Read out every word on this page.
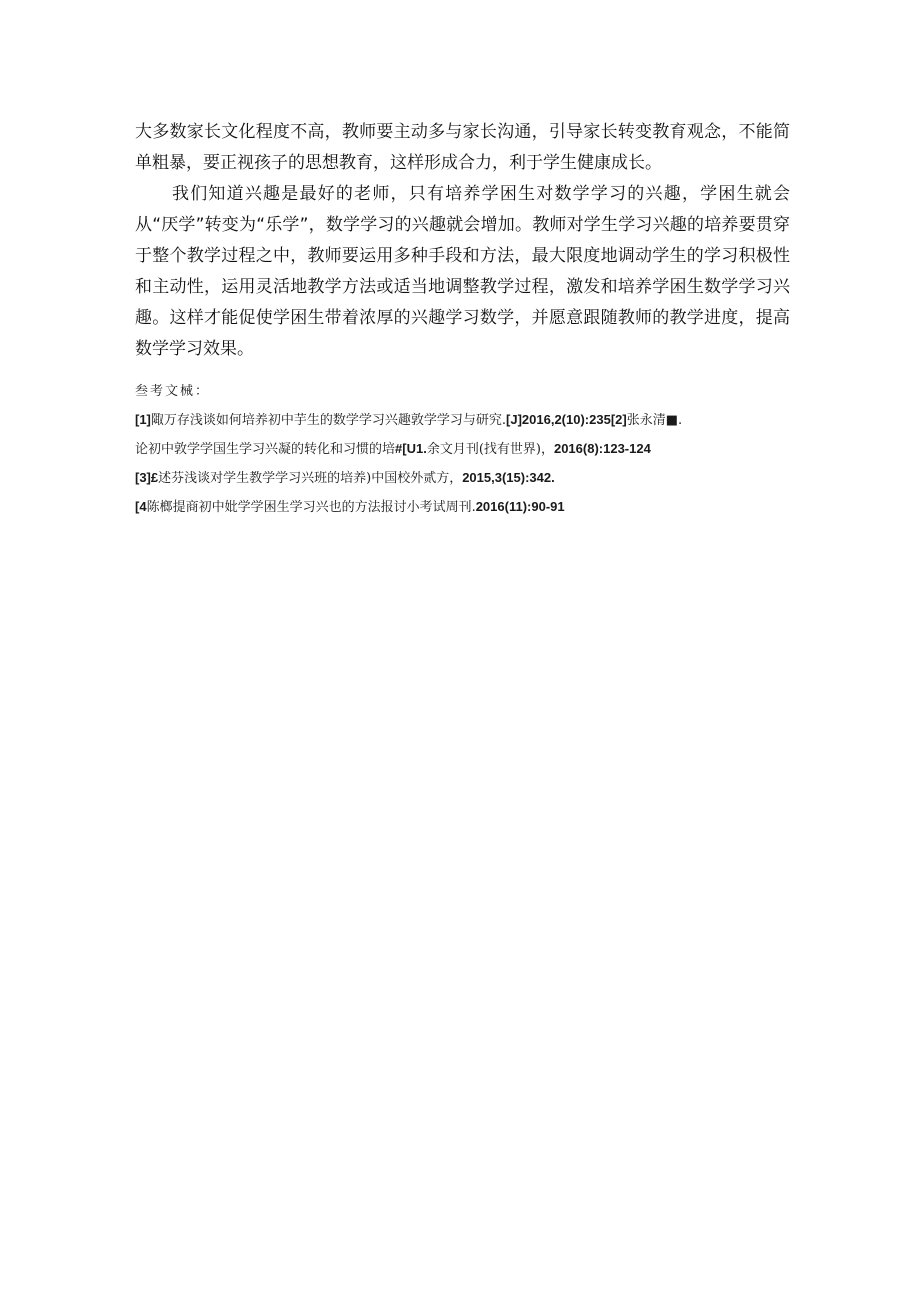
大多数家长文化程度不高，教师要主动多与家长沟通，引导家长转变教育观念，不能简单粗暴，要正视孩子的思想教育，这样形成合力，利于学生健康成长。
我们知道兴趣是最好的老师，只有培养学困生对数学学习的兴趣，学困生就会从“厌学”转变为“乐学”，数学学习的兴趣就会增加。教师对学生学习兴趣的培养要贯穿于整个教学过程之中，教师要运用多种手段和方法，最大限度地调动学生的学习积极性和主动性，运用灵活地教学方法或适当地调整教学过程，激发和培养学困生数学学习兴趣。这样才能促使学困生带着浓厚的兴趣学习数学，并愿意跟随教师的教学进度，提高数学学习效果。
叁考文械：
[1]陬万存浅谈如何培养初中芋生的数学学习兴趣敦学学习与研究.[J]2016,2(10):235[2]张永清■.
论初中敦学学国生学习兴凝的转化和习惯的培#[U1.余文月刊(找有世界)，2016(8):123-124
[3]£述芬浅谈对学生教学学习兴班的培养)中国校外贰方，2015,3(15):342.
[4陈榔提商初中妣学学困生学习兴也的方法报讨小考试周刊.2016(11):90-91
